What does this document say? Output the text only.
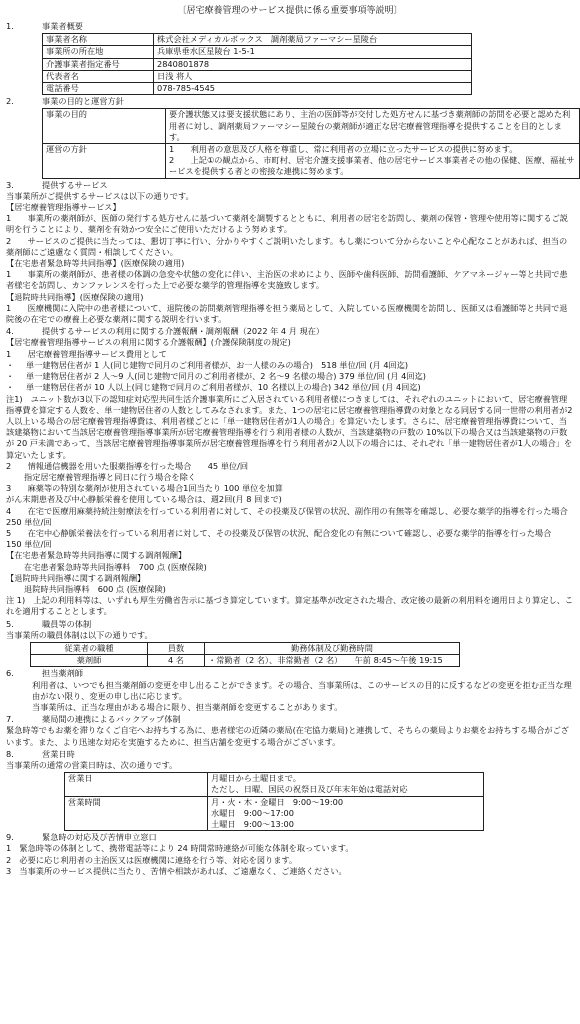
〔居宅療養管理のサービス提供に係る重要事項等説明〕
1.	事業者概要
事業者名称	株式会社メディカルボックス　調剤薬局ファーマシー星陵台
事業所の所在地	兵庫県垂水区星陵台 1-5-1
介護事業者指定番号	2840801878
代表者名	日浅 将人
電話番号	078-785-4545
2.	事業の目的と運営方針
事業の目的	要介護状態又は要支援状態にあり、主治の医師等が交付した処方せんに基づき薬剤師の訪問を必要と認めた利用者に対し、調剤薬局ファーマシー星陵台の薬剤師が適正な居宅療養管理指導を提供することを目的とします。
運営の方針	1　　利用者の意思及び人格を尊重し、常に利用者の立場に立ったサービスの提供に努めます。

2　　上記①の観点から、市町村、居宅介護支援事業者、他の居宅サービス事業者その他の保健、医療、福祉サービスを提供する者との密接な連携に努めます。

3.	提供するサービス

当事業所がご提供するサービスは以下の通りです。

【居宅療養管理指導サービス】

1　　事業所の薬剤師が、医師の発行する処方せんに基づいて薬剤を調製するとともに、利用者の居宅を訪問し、薬剤の保管・管理や使用等に関するご説明を行うことにより、薬剤を有効かつ安全にご使用いただけるよう努めます。

2　　サービスのご提供に当たっては、懇切丁寧に行い、分かりやすくご説明いたします。もし薬について分からないことや心配なことがあれば、担当の薬剤師にご遠慮なく質問・相談してください。

【在宅患者緊急時等共同指導】(医療保険の適用)

1　　事業所の薬剤師が、患者様の体調の急変や状態の変化に伴い、主治医の求めにより、医師や歯科医師、訪問看護師、ケアマネージャー等と共同で患者様宅を訪問し、カンファレンスを行った上で必要な薬学的管理指導を実施致します。

【退院時共同指導】(医療保険の適用)

1　　医療機関に入院中の患者様について、退院後の訪問薬剤管理指導を担う薬局として、入院している医療機関を訪問し、医師又は看護師等と共同で退院後の在宅での療養上必要な薬剤に関する説明を行います。

4.	提供するサービスの利用に関する介護報酬・調剤報酬（2022 年 4 月 現在）

【居宅療養管理指導サービスの利用に関する介護報酬】(介護保険制度の規定)

1　　居宅療養管理指導サービス費用として

・	単一建物居住者が 1 人(同じ建物で同月のご利用者様が、お一人様のみの場合)　518 単位/回 (月 4回迄)
・	単一建物居住者が 2 人～9 人(同じ建物で同月のご利用者様が、2 名～9 名様の場合) 379 単位/回 (月 4回迄)
・	単一建物居住者が 10 人以上(同じ建物で同月のご利用者様が、10 名様以上の場合) 342 単位/回 (月 4回迄)

注1)　ユニット数が3以下の認知症対応型共同生活介護事業所にご入居されている利用者様につきましては、それぞれのユニットにおいて、居宅療養管理指導費を算定する人数を、単一建物居住者の人数としてみなされます。また、1つの居宅に居宅療養管理指導費の対象となる同居する同一世帯の利用者が2人以上いる場合の居宅療養管理指導費は、利用者様ごとに「単一建物居住者が1人の場合」を算定いたします。さらに、居宅療養管理指導費について、当該建築物において当該居宅療養管理指導事業所が居宅療養管理指導を行う利用者様の人数が、当該建築物の戸数の 10%以下の場合又は当該建築物の戸数が 20 戸未満であって、当該居宅療養管理指導事業所が居宅療養管理指導を行う利用者が2人以下の場合には、それぞれ「単一建物居住者が1人の場合」を算定いたします。

2　　情報通信機器を用いた服薬指導を行った場合　　45 単位/回

指定居宅療養管理指導と同日に行う場合を除く

3　　麻薬等の特別な薬剤が使用されている場合1回当たり 100 単位を加算

がん末期患者及び中心静脈栄養を使用している場合は、週2回(月 8 回まで)

4　　在宅で医療用麻薬持続注射療法を行っている利用者に対して、その投薬及び保管の状況、副作用の有無等を確認し、必要な薬学的指導を行った場合　250 単位/回

5　　在宅中心静脈栄養法を行っている利用者に対して、その投薬及び保管の状況、配合変化の有無について確認し、必要な薬学的指導を行った場合　150 単位/回

【在宅患者緊急時等共同指導に関する調剤報酬】

在宅患者緊急時等共同指導料　700 点 (医療保険)

【退院時共同指導に関する調剤報酬】

退院時共同指導料　600 点 (医療保険)

注 1)　上記の利用料等は、いずれも厚生労働省告示に基づき算定しています。算定基準が改定された場合、改定後の最新の利用料を適用日より算定し、これを適用することとします。

5.	職員等の体制

当事業所の職員体制は以下の通りです。

従業者の職種	員数	勤務体制及び勤務時間
薬剤師	4 名	・常勤者（2 名）、非常勤者（2 名）　　午前 8:45～午後 19:15
6.	担当薬剤師

利用者は、いつでも担当薬剤師の変更を申し出ることができます。その場合、当事業所は、このサービスの目的に反するなどの変更を拒む正当な理由がない限り、変更の申し出に応じます。

当事業所は、正当な理由がある場合に限り、担当薬剤師を変更することがあります。

7.	薬局間の連携によるバックアップ体制

緊急時等でもお薬を滞りなくご自宅へお持ちする為に、患者様宅の近隣の薬局(在宅協力薬局)と連携して、そちらの薬局よりお薬をお持ちする場合がございます。また、より迅速な対応を実施するために、担当店舗を変更する場合がございます。

8.	営業日時

当事業所の通常の営業日時は、次の通りです。

営業日	月曜日から土曜日まで。

ただし、日曜、国民の祝祭日及び年末年始は電話対応

営業時間	月・火・木・金曜日　9:00～19:00

水曜日　9:00～17:00

土曜日　9:00～13:00

9.	緊急時の対応及び苦情申立窓口

1　緊急時等の体制として、携帯電話等により 24 時間常時連絡が可能な体制を取っています。

2　必要に応じ利用者の主治医又は医療機関に連絡を行う等、対応を図ります。

3　当事業所のサービス提供に当たり、苦情や相談があれば、ご遠慮なく、ご連絡ください。
